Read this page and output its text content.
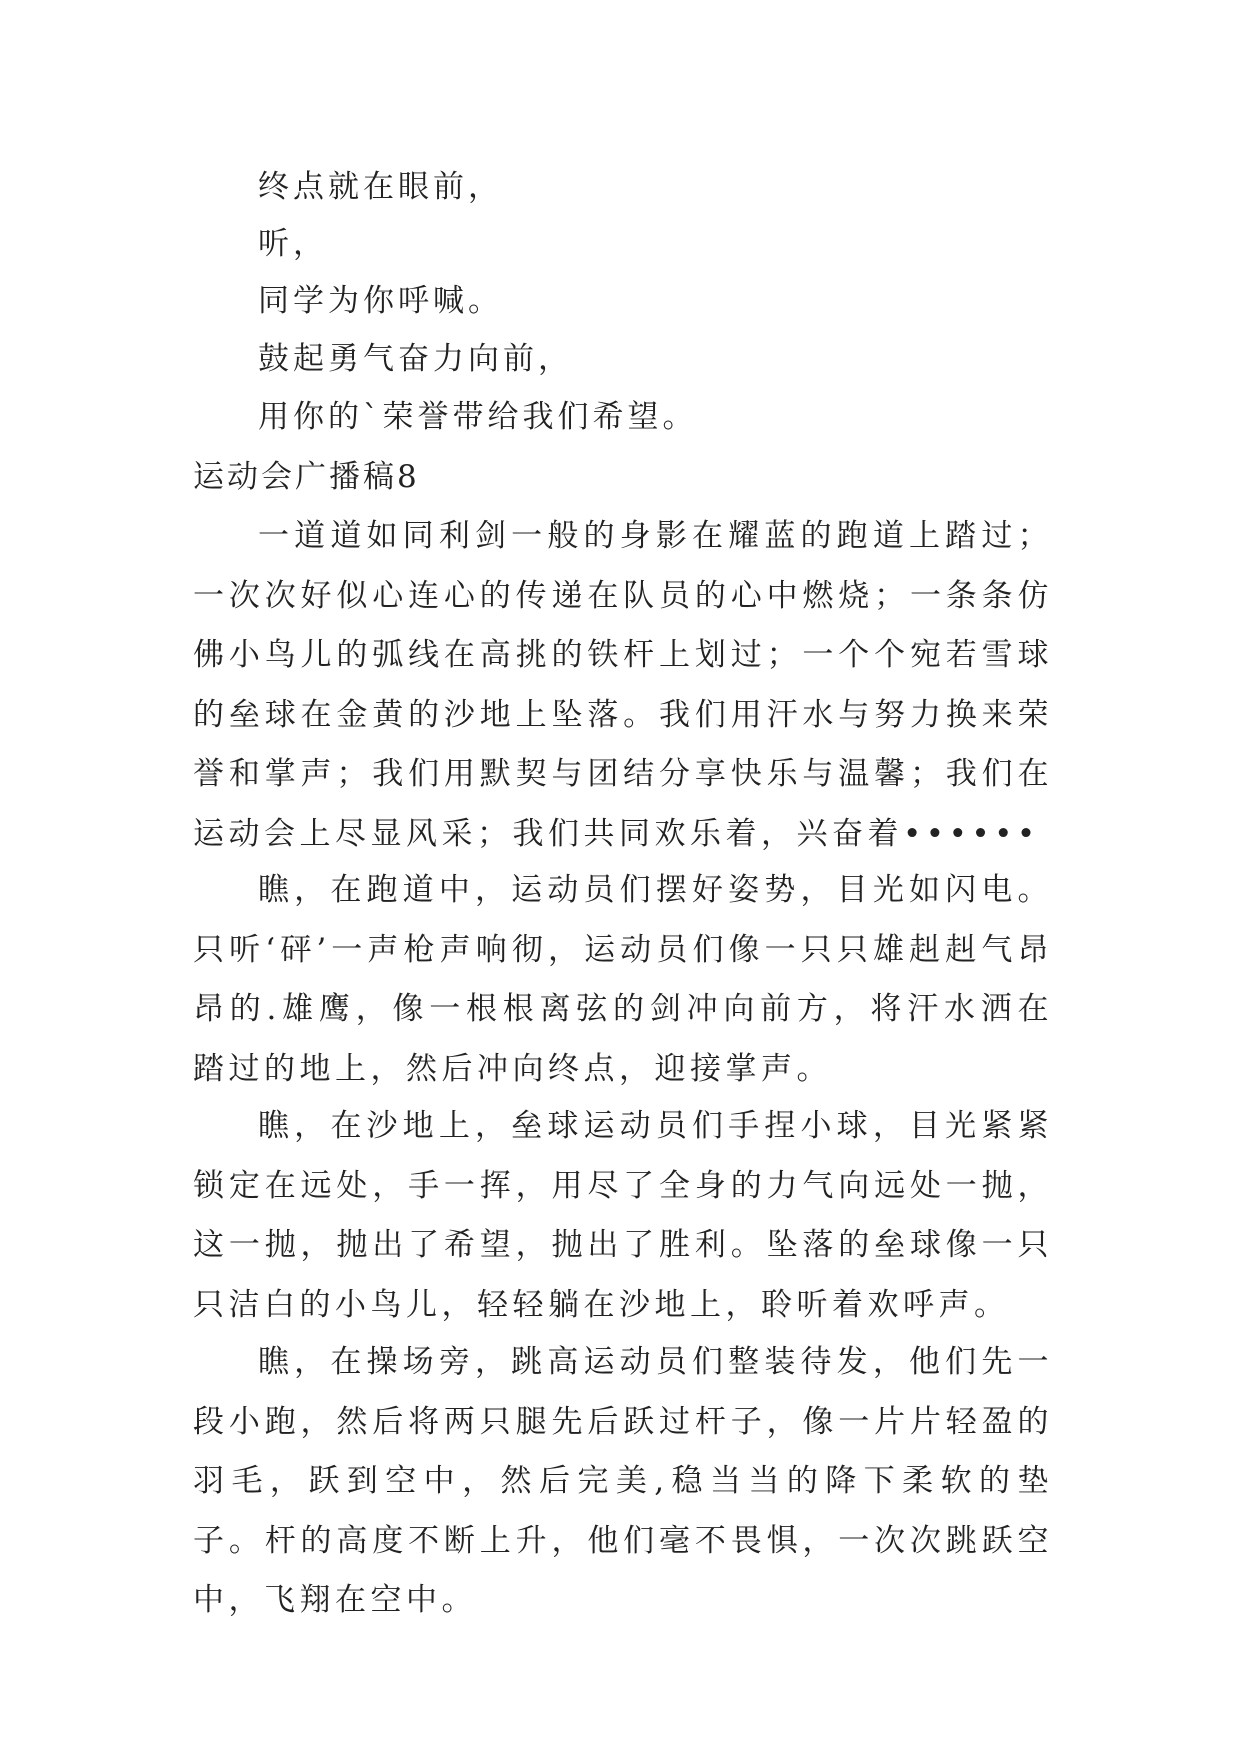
终点就在眼前，
听，
同学为你呼喊。
鼓起勇气奋力向前，
用你的`荣誉带给我们希望。
运动会广播稿8

一道道如同利剑一般的身影在耀蓝的跑道上踏过；一次次好似心连心的传递在队员的心中燃烧；一条条仿佛小鸟儿的弧线在高挑的铁杆上划过；一个个宛若雪球的垒球在金黄的沙地上坠落。我们用汗水与努力换来荣誉和掌声；我们用默契与团结分享快乐与温馨；我们在运动会上尽显风采；我们共同欢乐着，兴奋着••••••

瞧，在跑道中，运动员们摆好姿势，目光如闪电。只听‘砰’一声枪声响彻，运动员们像一只只雄赳赳气昂昂的.雄鹰，像一根根离弦的剑冲向前方，将汗水洒在踏过的地上，然后冲向终点，迎接掌声。

瞧，在沙地上，垒球运动员们手捏小球，目光紧紧锁定在远处，手一挥，用尽了全身的力气向远处一抛，这一抛，抛出了希望，抛出了胜利。坠落的垒球像一只只洁白的小鸟儿，轻轻躺在沙地上，聆听着欢呼声。

瞧，在操场旁，跳高运动员们整装待发，他们先一段小跑，然后将两只腿先后跃过杆子，像一片片轻盈的羽毛，跃到空中，然后完美,稳当当的降下柔软的垫子。杆的高度不断上升，他们毫不畏惧，一次次跳跃空中，飞翔在空中。
